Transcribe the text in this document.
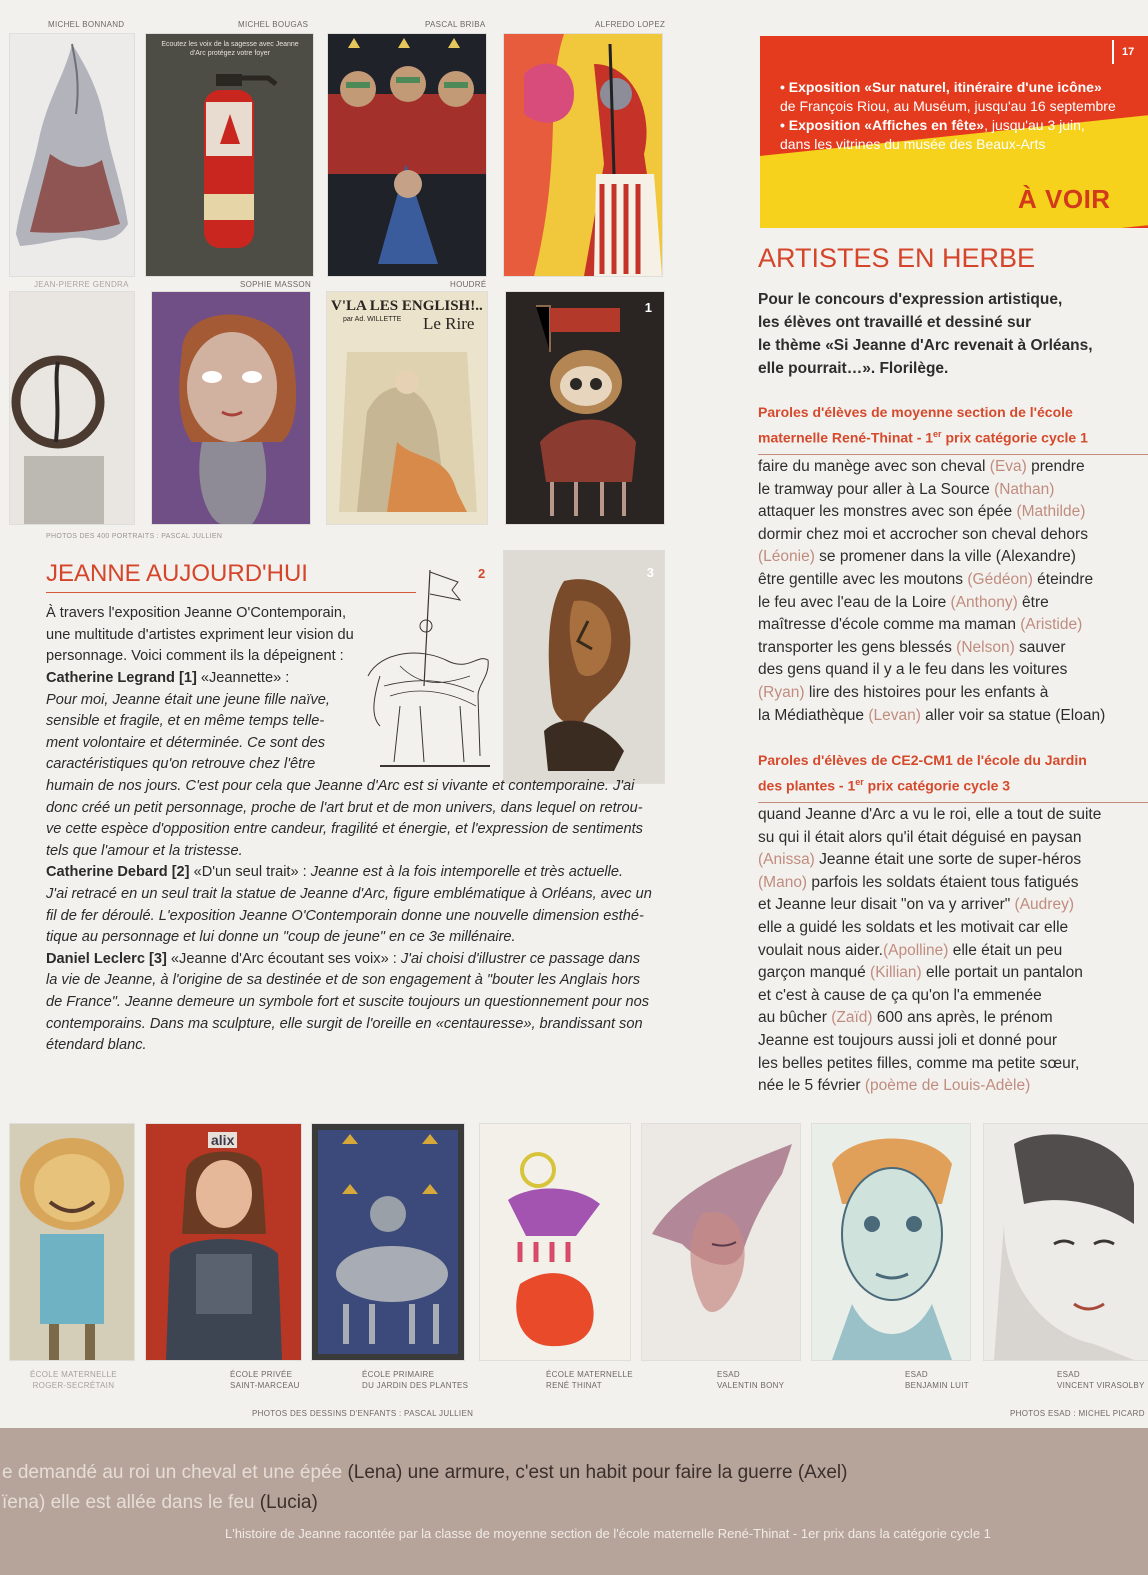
MICHEL BONNAND	MICHEL BOUGAS	PASCAL BRIBA	ALFREDO LOPEZ
Ecoutez les voix de la sagesse avec Jeanne d'Arc protégez votre foyer
JEAN-PIERRE GENDRA	SOPHIE MASSON	HOUDRÉ
V'LA LES ENGLISH!..
par Ad. WILLETTE Le Rire
1
PHOTOS DES 400 PORTRAITS : PASCAL JULLIEN
17
• Exposition «Sur naturel, itinéraire d'une icône»
de François Riou, au Muséum, jusqu'au 16 septembre
• Exposition «Affiches en fête», jusqu'au 3 juin,
dans les vitrines du musée des Beaux-Arts
À VOIR
ARTISTES EN HERBE
Pour le concours d'expression artistique,
les élèves ont travaillé et dessiné sur
le thème «Si Jeanne d'Arc revenait à Orléans,
elle pourrait…». Florilège.
Paroles d'élèves de moyenne section de l'école
maternelle René-Thinat - 1er prix catégorie cycle 1
faire du manège avec son cheval (Eva) prendre
le tramway pour aller à La Source (Nathan)
attaquer les monstres avec son épée (Mathilde)
dormir chez moi et accrocher son cheval dehors
(Léonie) se promener dans la ville (Alexandre)
être gentille avec les moutons (Gédéon) éteindre
le feu avec l'eau de la Loire (Anthony) être
maîtresse d'école comme ma maman (Aristide)
transporter les gens blessés (Nelson) sauver
des gens quand il y a le feu dans les voitures
(Ryan) lire des histoires pour les enfants à
la Médiathèque (Levan) aller voir sa statue (Eloan)
Paroles d'élèves de CE2-CM1 de l'école du Jardin
des plantes - 1er prix catégorie cycle 3
quand Jeanne d'Arc a vu le roi, elle a tout de suite
su qui il était alors qu'il était déguisé en paysan
(Anissa) Jeanne était une sorte de super-héros
(Mano) parfois les soldats étaient tous fatigués
et Jeanne leur disait "on va y arriver" (Audrey)
elle a guidé les soldats et les motivait car elle
voulait nous aider.(Apolline) elle était un peu
garçon manqué (Killian) elle portait un pantalon
et c'est à cause de ça qu'on l'a emmenée
au bûcher (Zaïd) 600 ans après, le prénom
Jeanne est toujours aussi joli et donné pour
les belles petites filles, comme ma petite sœur,
née le 5 février (poème de Louis-Adèle)
JEANNE AUJOURD'HUI	2	3
À travers l'exposition Jeanne O'Contemporain,
une multitude d'artistes expriment leur vision du
personnage. Voici comment ils la dépeignent :
Catherine Legrand [1] «Jeannette» :
Pour moi, Jeanne était une jeune fille naïve,
sensible et fragile, et en même temps telle-
ment volontaire et déterminée. Ce sont des
caractéristiques qu'on retrouve chez l'être
humain de nos jours. C'est pour cela que Jeanne d'Arc est si vivante et contemporaine. J'ai
donc créé un petit personnage, proche de l'art brut et de mon univers, dans lequel on retrou-
ve cette espèce d'opposition entre candeur, fragilité et énergie, et l'expression de sentiments
tels que l'amour et la tristesse.
Catherine Debard [2] «D'un seul trait» : Jeanne est à la fois intemporelle et très actuelle.
J'ai retracé en un seul trait la statue de Jeanne d'Arc, figure emblématique à Orléans, avec un
fil de fer déroulé. L'exposition Jeanne O'Contemporain donne une nouvelle dimension esthé-
tique au personnage et lui donne un "coup de jeune" en ce 3e millénaire.
Daniel Leclerc [3] «Jeanne d'Arc écoutant ses voix» : J'ai choisi d'illustrer ce passage dans
la vie de Jeanne, à l'origine de sa destinée et de son engagement à "bouter les Anglais hors
de France". Jeanne demeure un symbole fort et suscite toujours un questionnement pour nos
contemporains. Dans ma sculpture, elle surgit de l'oreille en «centauresse», brandissant son
étendard blanc.
alix
ÉCOLE MATERNELLE
ROGER-SECRÉTAIN
ÉCOLE PRIVÉE
SAINT-MARCEAU
ÉCOLE PRIMAIRE
DU JARDIN DES PLANTES
ÉCOLE MATERNELLE
RENÉ THINAT
ESAD
VALENTIN BONY
ESAD
BENJAMIN LUIT
ESAD
VINCENT VIRASOLBY
PHOTOS DES DESSINS D'ENFANTS : PASCAL JULLIEN	PHOTOS ESAD : MICHEL PICARD
e demandé au roi un cheval et une épée (Lena) une armure, c'est un habit pour faire la guerre (Axel)
ïena) elle est allée dans le feu (Lucia)
L'histoire de Jeanne racontée par la classe de moyenne section de l'école maternelle René-Thinat - 1er prix dans la catégorie cycle 1
